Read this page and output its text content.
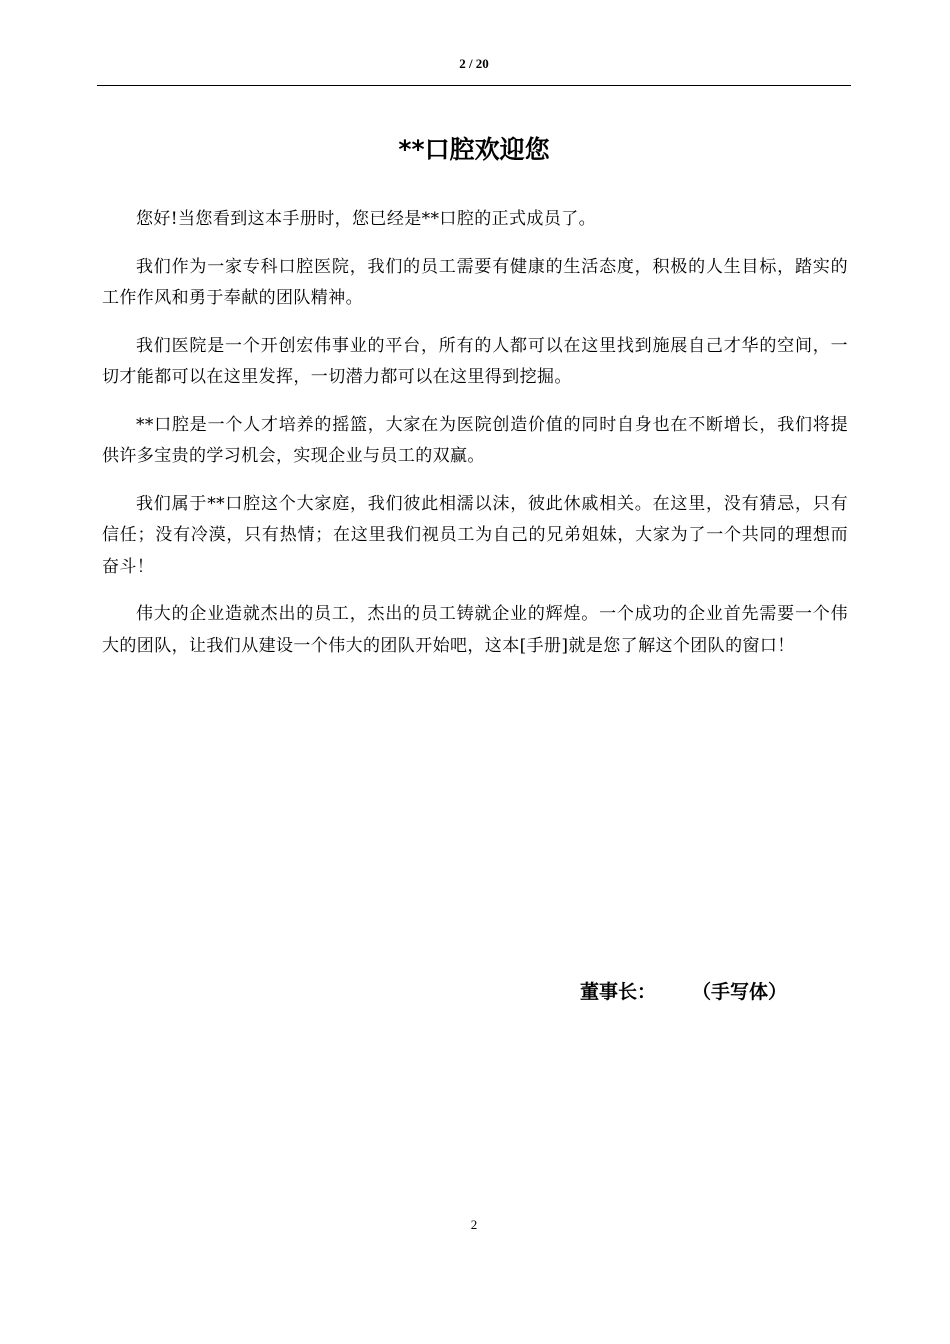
2 / 20
**口腔欢迎您

您好!当您看到这本手册时，您已经是**口腔的正式成员了。

我们作为一家专科口腔医院，我们的员工需要有健康的生活态度，积极的人生目标，踏实的工作作风和勇于奉献的团队精神。

我们医院是一个开创宏伟事业的平台，所有的人都可以在这里找到施展自己才华的空间，一切才能都可以在这里发挥，一切潜力都可以在这里得到挖掘。

**口腔是一个人才培养的摇篮，大家在为医院创造价值的同时自身也在不断增长，我们将提供许多宝贵的学习机会，实现企业与员工的双赢。

我们属于**口腔这个大家庭，我们彼此相濡以沫，彼此休戚相关。在这里，没有猜忌，只有信任；没有冷漠，只有热情；在这里我们视员工为自己的兄弟姐妹，大家为了一个共同的理想而奋斗！

伟大的企业造就杰出的员工，杰出的员工铸就企业的辉煌。一个成功的企业首先需要一个伟大的团队，让我们从建设一个伟大的团队开始吧，这本[手册]就是您了解这个团队的窗口！

董事长： （手写体）
2
